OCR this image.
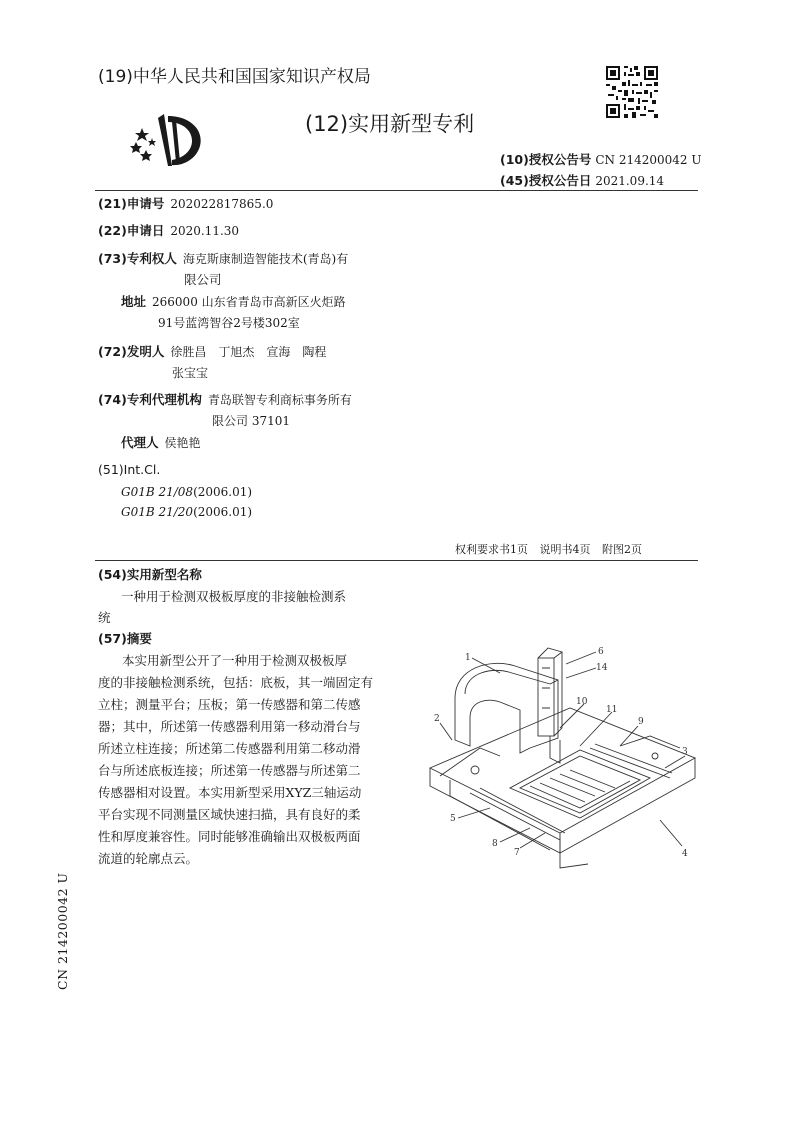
(19)中华人民共和国国家知识产权局
(12)实用新型专利
(10)授权公告号 CN 214200042 U
(45)授权公告日 2021.09.14
(21)申请号 202022817865.0
(22)申请日 2020.11.30
(73)专利权人 海克斯康制造智能技术(青岛)有
限公司
地址 266000 山东省青岛市高新区火炬路
91号蓝湾智谷2号楼302室
(72)发明人 徐胜昌　丁旭杰　宣海　陶程
张宝宝
(74)专利代理机构 青岛联智专利商标事务所有
限公司 37101
代理人 侯艳艳
(51)Int.Cl.
G01B 21/08(2006.01)
G01B 21/20(2006.01)
权利要求书1页 说明书4页 附图2页
(54)实用新型名称
一种用于检测双极板厚度的非接触检测系
统
(57)摘要
本实用新型公开了一种用于检测双极板厚
度的非接触检测系统，包括：底板，其一端固定有
立柱；测量平台；压板；第一传感器和第二传感
器；其中，所述第一传感器利用第一移动滑台与
所述立柱连接；所述第二传感器利用第二移动滑
台与所述底板连接；所述第一传感器与所述第二
传感器相对设置。本实用新型采用XYZ三轴运动
平台实现不同测量区域快速扫描，具有良好的柔
性和厚度兼容性。同时能够准确输出双极板两面
流道的轮廓点云。
1
2
3
4
5
6
7
8
9
10
11
14
CN 214200042 U
